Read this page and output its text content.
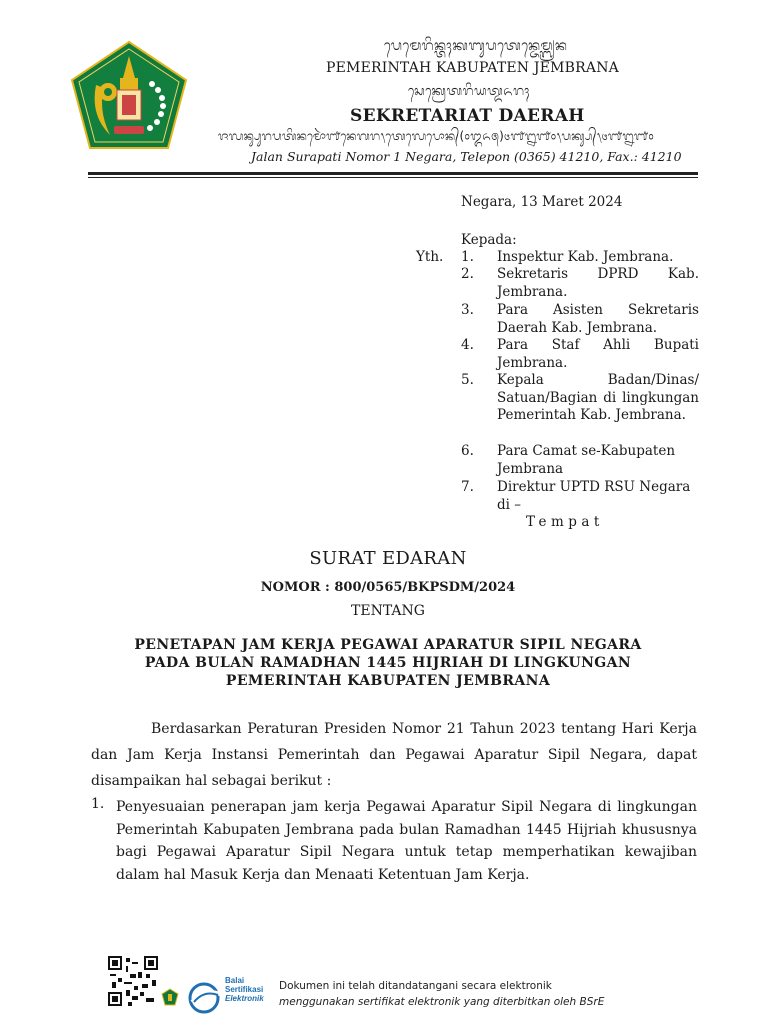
ᬧᬾᬫᬾᬭᬶᬦ᭄ᬢᬄᬓᬩᬸᬧᬢᬾᬦ᭄ᬚᬾᬫ᭄ᬩ᭄ᬭᬦ
PEMERINTAH KABUPATEN JEMBRANA
ᬲᬾᬓ᭄ᬭᬾᬢᬭᬶᬬᬢ᭄ᬤᬏᬭᬄ
SEKRETARIAT DAERAH
ᬚᬮᬦ᭄ᬲᬸᬭᬧᬢᬶᬦᬫᭀᬃ᭑ᬦᬾᬕᬭ᭞ᬢᬾᬮᬾᬧᭀᬦ᭄(᭐᭓᭖᭕)᭔᭑᭒᭑᭐᭞ᬧᬓ᭄ᬲ᭄᭞᭔᭑᭒᭑᭐
Jalan Surapati Nomor 1 Negara, Telepon (0365) 41210, Fax.: 41210
Negara, 13 Maret 2024
Kepada:
Yth. 1.	Inspektur Kab. Jembrana.
2.	Sekretaris DPRD Kab. Jembrana.
3.	Para Asisten Sekretaris Daerah Kab. Jembrana.
4.	Para Staf Ahli Bupati Jembrana.
5.	Kepala Badan/Dinas/ Satuan/Bagian di lingkungan Pemerintah Kab. Jembrana.
6.	Para Camat se-Kabupaten Jembrana
7.	Direktur UPTD RSU Negara
di –
Tempat
SURAT EDARAN
NOMOR : 800/0565/BKPSDM/2024
TENTANG
PENETAPAN JAM KERJA PEGAWAI APARATUR SIPIL NEGARA
PADA BULAN RAMADHAN 1445 HIJRIAH DI LINGKUNGAN
PEMERINTAH KABUPATEN JEMBRANA
Berdasarkan Peraturan Presiden Nomor 21 Tahun 2023 tentang Hari Kerja dan Jam Kerja Instansi Pemerintah dan Pegawai Aparatur Sipil Negara, dapat disampaikan hal sebagai berikut :
1. Penyesuaian penerapan jam kerja Pegawai Aparatur Sipil Negara di lingkungan Pemerintah Kabupaten Jembrana pada bulan Ramadhan 1445 Hijriah khususnya bagi Pegawai Aparatur Sipil Negara untuk tetap memperhatikan kewajiban dalam hal Masuk Kerja dan Menaati Ketentuan Jam Kerja.
Balai
Sertifikasi
Elektronik
Dokumen ini telah ditandatangani secara elektronik
menggunakan sertifikat elektronik yang diterbitkan oleh BSrE
